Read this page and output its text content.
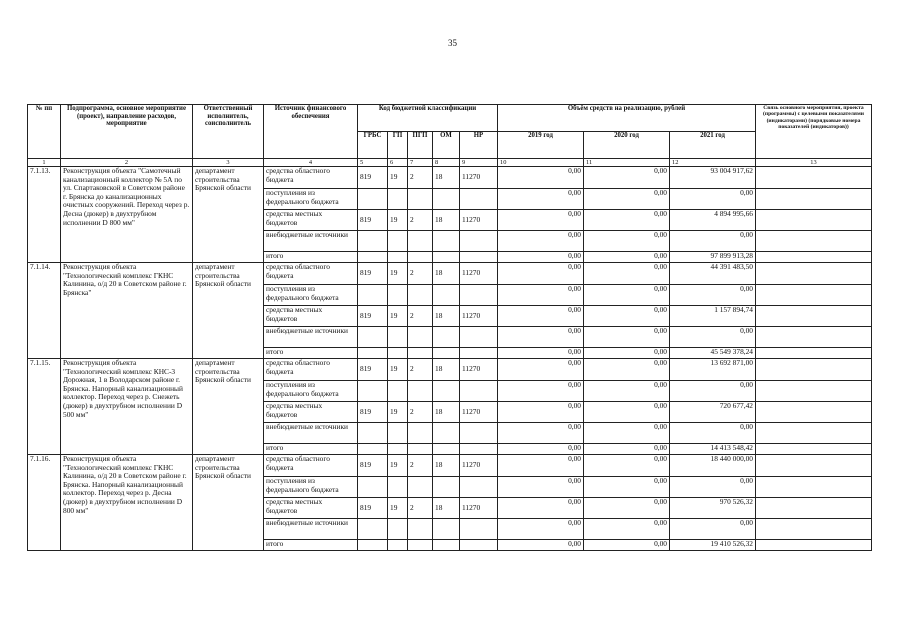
35
№ пп	Подпрограмма, основное мероприятие (проект), направление расходов, мероприятие	Ответственный исполнитель, соисполнитель	Источник финансового обеспечения	Код бюджетной классификации					Объём средств на реализацию, рублей			Связь основного мероприятия, проекта (программы) с целевыми показателями (индикаторами) (порядковые номера показателей (индикаторов))
				ГРБС	ГП	ПГП	ОМ	НР	2019 год	2020 год	2021 год	
1	2	3	4	5	6	7	8	9	10	11	12	13
7.1.13.	Реконструкция объекта "Самотечный канализационный коллектор № 5А по ул. Спартаковской в Советском районе г. Брянска до канализационных очистных сооружений. Переход через р. Десна (дюкер) в двухтрубном исполнении D 800 мм"	департамент строительства Брянской области	средства областного бюджета	819	19	2	18	11270	0,00	0,00	93 004 917,62	
			поступления из федерального бюджета						0,00	0,00	0,00	
			средства местных бюджетов	819	19	2	18	11270	0,00	0,00	4 894 995,66	
			внебюджетные источники						0,00	0,00	0,00	
			итого						0,00	0,00	97 899 913,28	
7.1.14.	Реконструкция объекта "Технологический комплекс ГКНС Калинина, о/д 20 в Советском районе г. Брянска"	департамент строительства Брянской области	средства областного бюджета	819	19	2	18	11270	0,00	0,00	44 391 483,50	
			поступления из федерального бюджета						0,00	0,00	0,00	
			средства местных бюджетов	819	19	2	18	11270	0,00	0,00	1 157 894,74	
			внебюджетные источники						0,00	0,00	0,00	
			итого						0,00	0,00	45 549 378,24	
7.1.15.	Реконструкция объекта "Технологический комплекс КНС-3 Дорожная, 1 в Володарском районе г. Брянска. Напорный канализационный коллектор. Переход через р. Снежеть (дюкер) в двухтрубном исполнении D 500 мм"	департамент строительства Брянской области	средства областного бюджета	819	19	2	18	11270	0,00	0,00	13 692 871,00	
			поступления из федерального бюджета						0,00	0,00	0,00	
			средства местных бюджетов	819	19	2	18	11270	0,00	0,00	720 677,42	
			внебюджетные источники						0,00	0,00	0,00	
			итого						0,00	0,00	14 413 548,42	
7.1.16.	Реконструкция объекта "Технологический комплекс ГКНС Калинина, о/д 20 в Советском районе г. Брянска. Напорный канализационный коллектор. Переход через р. Десна (дюкер) в двухтрубном исполнении D 800 мм"	департамент строительства Брянской области	средства областного бюджета	819	19	2	18	11270	0,00	0,00	18 440 000,00	
			поступления из федерального бюджета						0,00	0,00	0,00	
			средства местных бюджетов	819	19	2	18	11270	0,00	0,00	970 526,32	
			внебюджетные источники						0,00	0,00	0,00	
			итого						0,00	0,00	19 410 526,32	
